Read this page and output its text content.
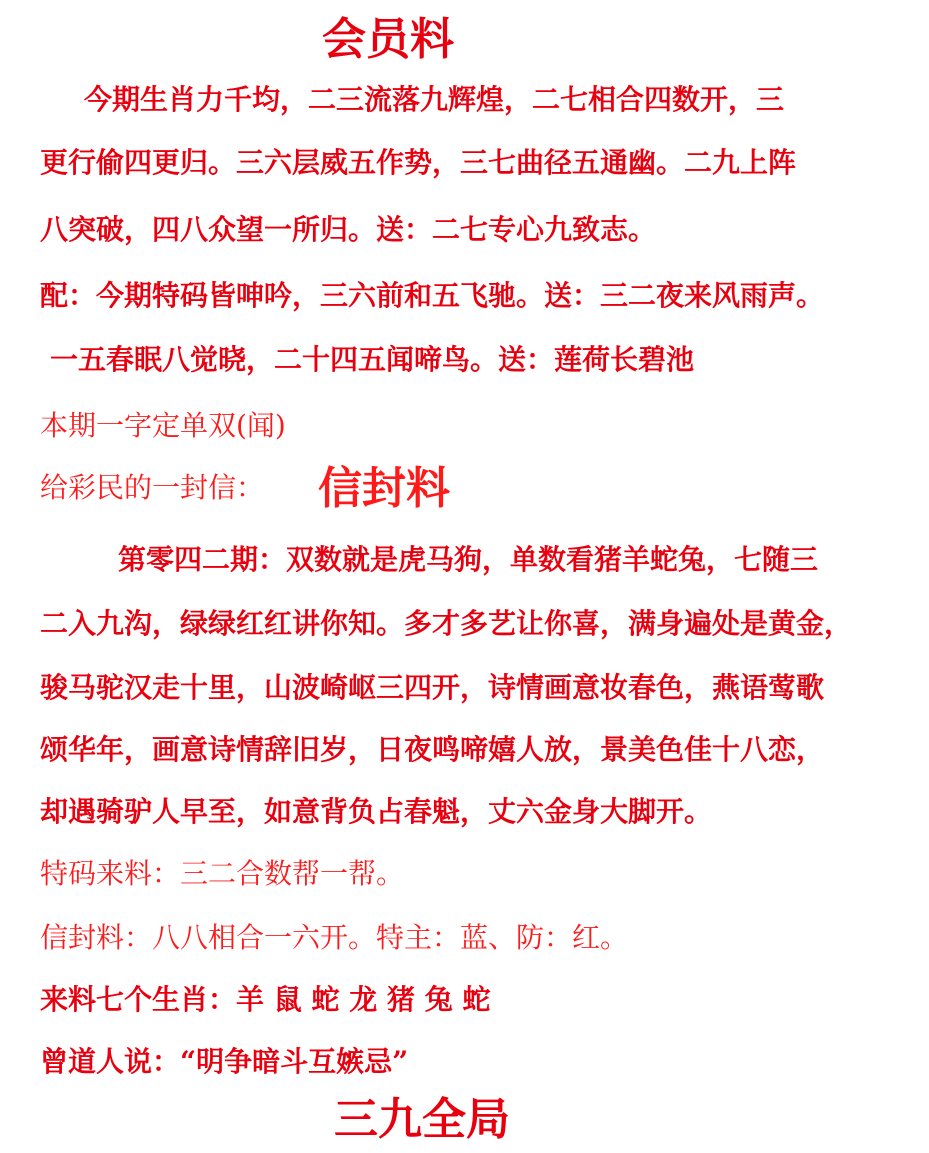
会员料
今期生肖力千均，二三流落九辉煌，二七相合四数开，三
更行偷四更归。三六层威五作势，三七曲径五通幽。二九上阵
八突破，四八众望一所归。送：二七专心九致志。
配：今期特码皆呻吟，三六前和五飞驰。送：三二夜来风雨声。
一五春眠八觉晓，二十四五闻啼鸟。送：莲荷长碧池
本期一字定单双(闻)
给彩民的一封信： 信封料
第零四二期：双数就是虎马狗，单数看猪羊蛇兔，七随三
二入九沟，绿绿红红讲你知。多才多艺让你喜，满身遍处是黄金，
骏马驼汉走十里，山波崎岖三四开，诗情画意妆春色，燕语莺歌
颂华年，画意诗情辞旧岁，日夜鸣啼嬉人放，景美色佳十八恋，
却遇骑驴人早至，如意背负占春魁，丈六金身大脚开。
特码来料：三二合数帮一帮。
信封料：八八相合一六开。特主：蓝、防：红。
来料七个生肖：羊 鼠 蛇 龙 猪 兔 蛇
曾道人说：“明争暗斗互嫉忌”
三九全局
